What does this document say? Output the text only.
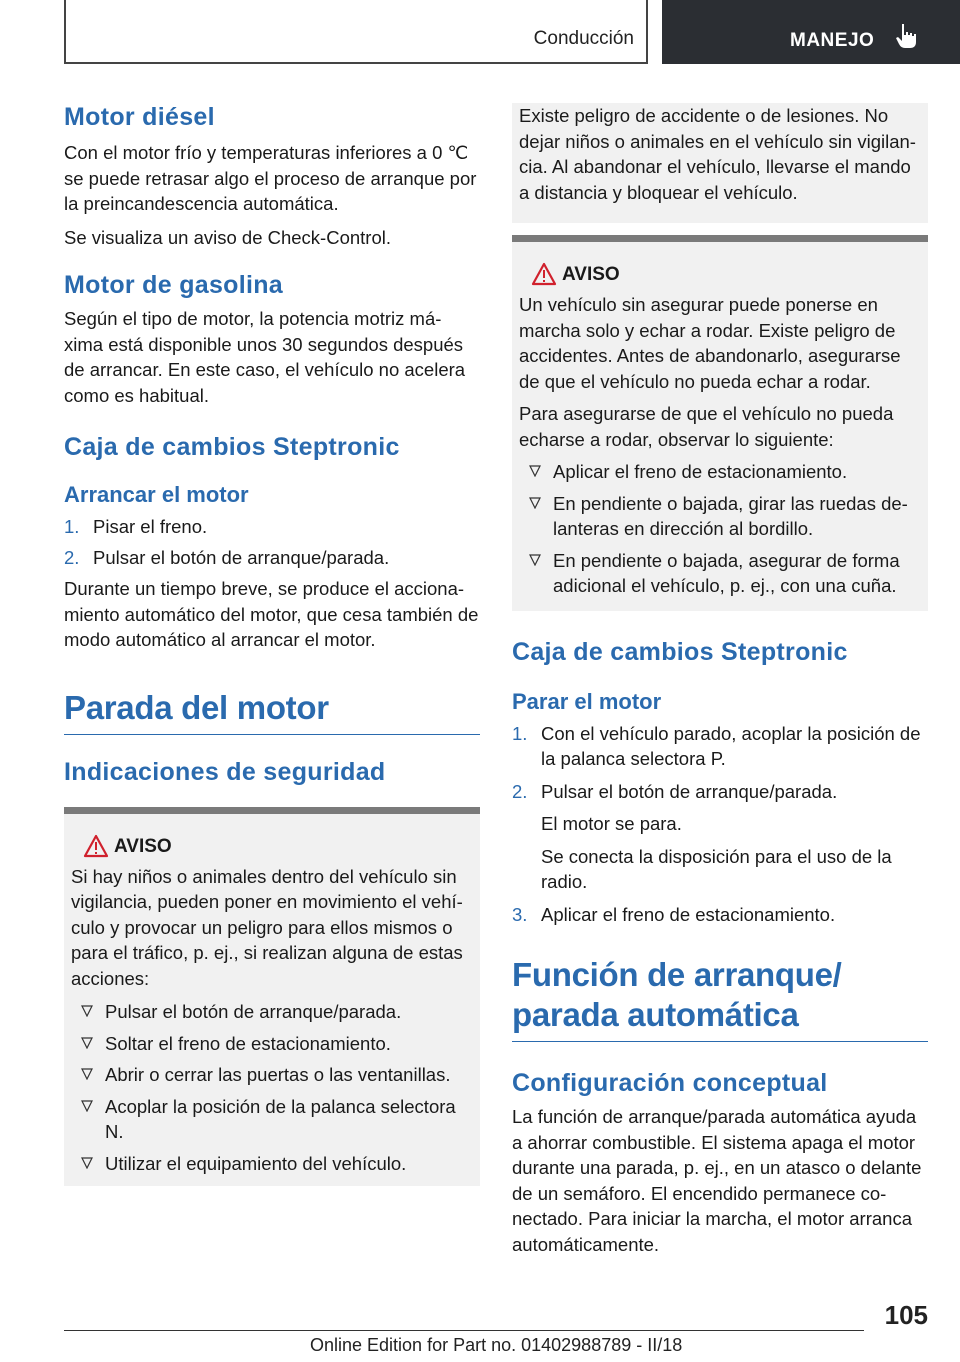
Conducción	MANEJO
Motor diésel

Con el motor frío y temperaturas inferiores a 0 ℃ se puede retrasar algo el proceso de arranque por la preincandescencia automática.

Se visualiza un aviso de Check-Control.

Motor de gasolina

Según el tipo de motor, la potencia motriz má‐xima está disponible unos 30 segundos después de arrancar. En este caso, el vehículo no acelera como es habitual.

Caja de cambios Steptronic
Arrancar el motor
1. Pisar el freno.
2. Pulsar el botón de arranque/parada.

Durante un tiempo breve, se produce el acciona‐miento automático del motor, que cesa también de modo automático al arrancar el motor.

Parada del motor
Indicaciones de seguridad
AVISO

Si hay niños o animales dentro del vehículo sin vigilancia, pueden poner en movimiento el vehí‐culo y provocar un peligro para ellos mismos o para el tráfico, p. ej., si realizan alguna de estas acciones:

Pulsar el botón de arranque/parada.
Soltar el freno de estacionamiento.
Abrir o cerrar las puertas o las ventanillas.
Acoplar la posición de la palanca selectora N.
Utilizar el equipamiento del vehículo.

Existe peligro de accidente o de lesiones. No dejar niños o animales en el vehículo sin vigilan‐cia. Al abandonar el vehículo, llevarse el mando a distancia y bloquear el vehículo.

AVISO

Un vehículo sin asegurar puede ponerse en marcha solo y echar a rodar. Existe peligro de accidentes. Antes de abandonarlo, asegurarse de que el vehículo no pueda echar a rodar.

Para asegurarse de que el vehículo no pueda echarse a rodar, observar lo siguiente:

Aplicar el freno de estacionamiento.
En pendiente o bajada, girar las ruedas de‐lanteras en dirección al bordillo.
En pendiente o bajada, asegurar de forma adicional el vehículo, p. ej., con una cuña.
Caja de cambios Steptronic
Parar el motor
1. Con el vehículo parado, acoplar la posición de la palanca selectora P.
2. Pulsar el botón de arranque/parada.
El motor se para.
Se conecta la disposición para el uso de la radio.
3. Aplicar el freno de estacionamiento.
Función de arranque/
parada automática
Configuración conceptual

La función de arranque/parada automática ayuda a ahorrar combustible. El sistema apaga el motor durante una parada, p. ej., en un atasco o delante de un semáforo. El encendido permanece co‐nectado. Para iniciar la marcha, el motor arranca automáticamente.

105
Online Edition for Part no. 01402988789 - II/18
